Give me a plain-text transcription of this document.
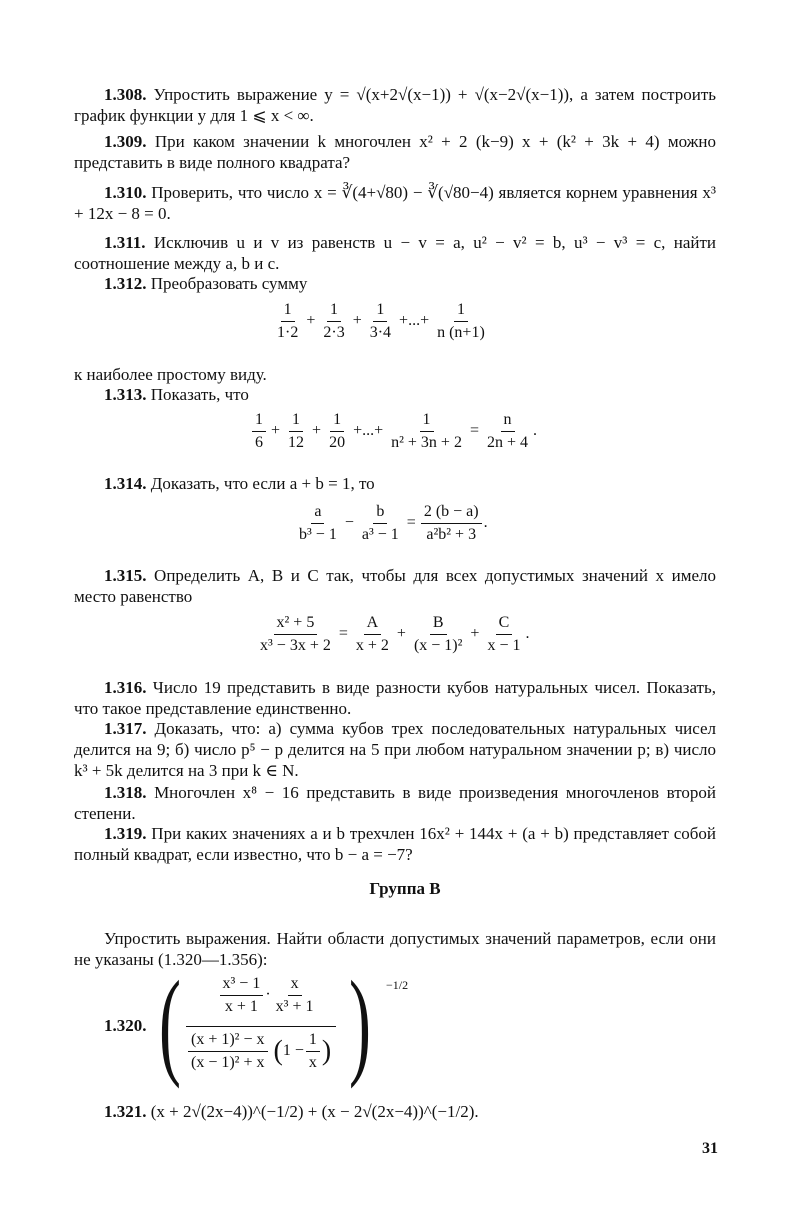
1.308. Упростить выражение y = √(x+2√(x−1)) + √(x−2√(x−1)), а затем построить график функции y для 1 ⩽ x < ∞.
1.309. При каком значении k многочлен x² + 2 (k−9) x + (k² + 3k + 4) можно представить в виде полного квадрата?
1.310. Проверить, что число x = ∛(4+√80) − ∛(√80−4) является корнем уравнения x³ + 12x − 8 = 0.
1.311. Исключив u и v из равенств u − v = a, u² − v² = b, u³ − v³ = c, найти соотношение между a, b и c.
1.312. Преобразовать сумму
$\frac{1}{1\cdot 2} + \frac{1}{2\cdot 3} + \frac{1}{3\cdot 4}$ +...+ $\frac{1}{n (n+1)}$
к наиболее простому виду.
1.313. Показать, что
$\frac{1}{6} + \frac{1}{12} + \frac{1}{20}$ +...+ $\frac{1}{\text{n² + 3n + 2}} = \frac{n}{2n + 4}$ .
1.314. Доказать, что если a + b = 1, то
$\frac{a}{\text{b³ − 1}} - \frac{b}{\text{a³ − 1}} = \frac{2 (b - a)}{\text{a²b² + 3}}$ .
1.315. Определить A, B и C так, чтобы для всех допустимых значений x имело место равенство
$\frac{\text{x² + 5}}{\text{x³ − 3x + 2}} = \frac{A}{x + 2} + \frac{B}{\text{(x − 1)²}} + \frac{C}{x - 1}$ .
1.316. Число 19 представить в виде разности кубов натуральных чисел. Показать, что такое представление единственно.
1.317. Доказать, что: а) сумма кубов трех последовательных натуральных чисел делится на 9; б) число p⁵ − p делится на 5 при любом натуральном значении p; в) число k³ + 5k делится на 3 при k ∈ N.
1.318. Многочлен x⁸ − 16 представить в виде произведения многочленов второй степени.
1.319. При каких значениях a и b трехчлен 16x² + 144x + (a + b) представляет собой полный квадрат, если известно, что b − a = −7?
Группа В
Упростить выражения. Найти области допустимых значений параметров, если они не указаны (1.320—1.356):
1.320. ( $\frac{\text{x³ − 1}}{x + 1} \cdot \frac{x}{\text{x³ + 1}}$
$\frac{\text{(x + 1)² − x}}{\text{(x − 1)² + x}} (1 - \frac{1}{x}$ ) ) −1/2
1.321. (x + 2√(2x−4))^(−1/2) + (x − 2√(2x−4))^(−1/2).
31
